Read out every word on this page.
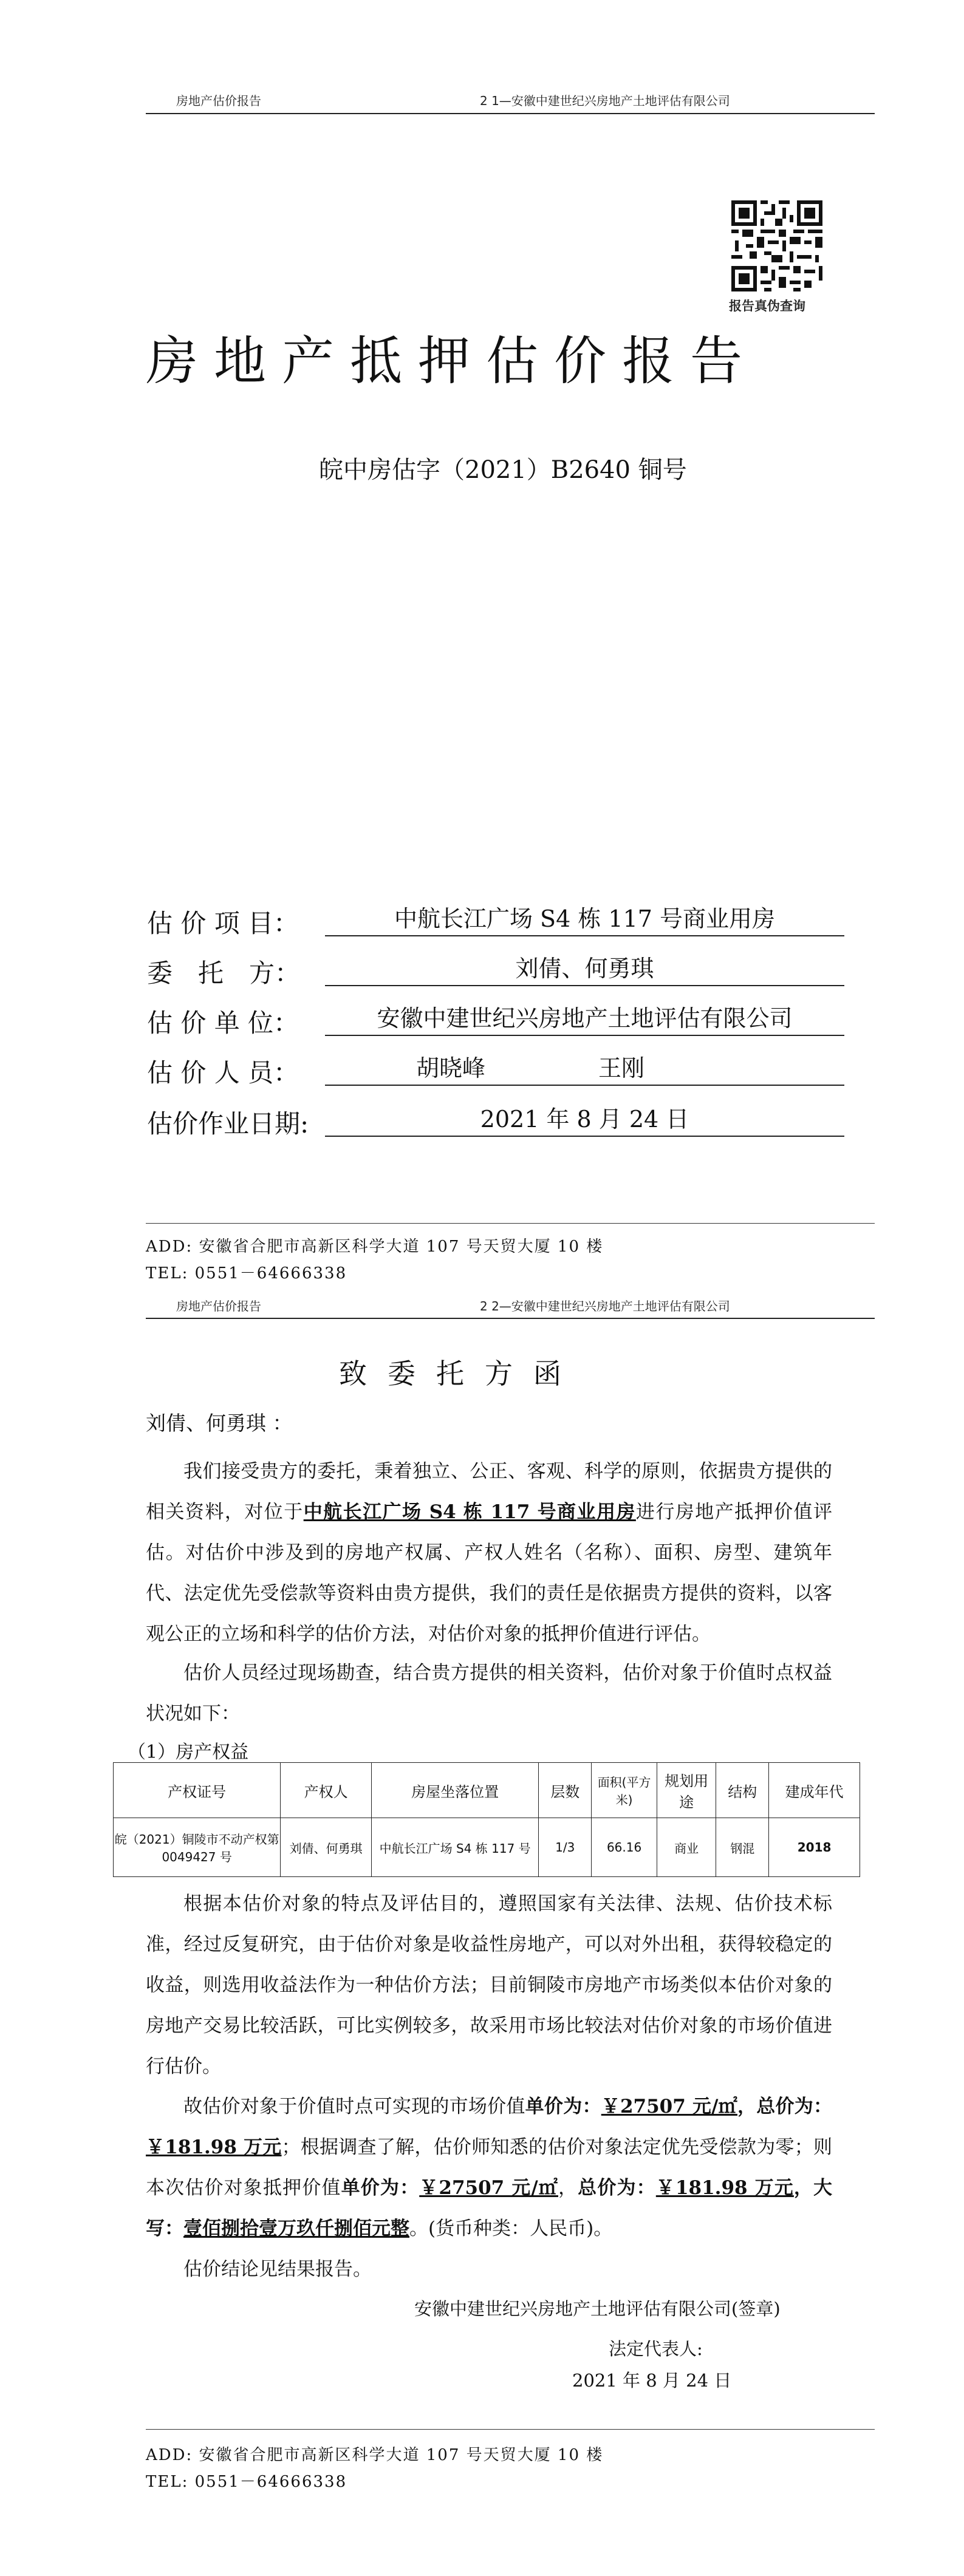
房地产估价报告	2 1—安徽中建世纪兴房地产土地评估有限公司
报告真伪查询
房地产抵押估价报告
皖中房估字（2021）B2640 铜号
估 价 项 目：	中航长江广场 S4 栋 117 号商业用房
委　托　方：	刘倩、何勇琪
估 价 单 位：	安徽中建世纪兴房地产土地评估有限公司
估 价 人 员：	胡晓峰	王刚
估价作业日期:	2021 年 8 月 24 日
ADD: 安徽省合肥市高新区科学大道 107 号天贸大厦 10 楼
TEL: 0551－64666338
房地产估价报告	2 2—安徽中建世纪兴房地产土地评估有限公司
致委托方函
刘倩、何勇琪 ：
我们接受贵方的委托，秉着独立、公正、客观、科学的原则，依据贵方提供的相关资料，对位于中航长江广场 S4 栋 117 号商业用房进行房地产抵押价值评估。对估价中涉及到的房地产权属、产权人姓名（名称）、面积、房型、建筑年代、法定优先受偿款等资料由贵方提供，我们的责任是依据贵方提供的资料，以客观公正的立场和科学的估价方法，对估价对象的抵押价值进行评估。
估价人员经过现场勘查，结合贵方提供的相关资料，估价对象于价值时点权益状况如下：
（1）房产权益
产权证号	产权人	房屋坐落位置	层数	面积(平方米)	规划用途	结构	建成年代
皖（2021）铜陵市不动产权第 0049427 号	刘倩、何勇琪	中航长江广场 S4 栋 117 号	1/3	66.16	商业	钢混	2018
根据本估价对象的特点及评估目的，遵照国家有关法律、法规、估价技术标准，经过反复研究，由于估价对象是收益性房地产，可以对外出租，获得较稳定的收益，则选用收益法作为一种估价方法；目前铜陵市房地产市场类似本估价对象的房地产交易比较活跃，可比实例较多，故采用市场比较法对估价对象的市场价值进行估价。
故估价对象于价值时点可实现的市场价值单价为：￥27507 元/㎡，总价为：￥181.98 万元；根据调查了解，估价师知悉的估价对象法定优先受偿款为零；则本次估价对象抵押价值单价为：￥27507 元/㎡，总价为：￥181.98 万元，大写：壹佰捌拾壹万玖仟捌佰元整。(货币种类：人民币)。
估价结论见结果报告。
安徽中建世纪兴房地产土地评估有限公司(签章)
法定代表人:
2021 年 8 月 24 日
ADD: 安徽省合肥市高新区科学大道 107 号天贸大厦 10 楼
TEL: 0551－64666338
